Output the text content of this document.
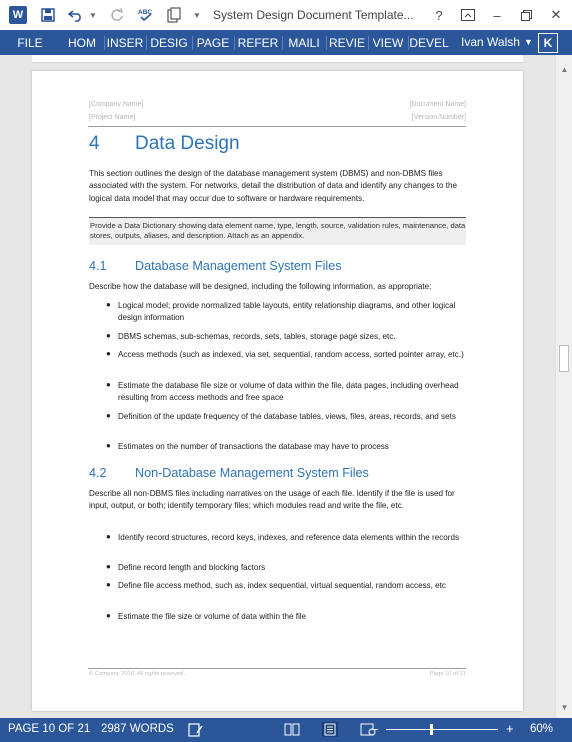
W	▼	ABC	▼ System Design Document Template...	?	–	✕
FILE	HOM INSER DESIG PAGE REFER MAILI REVIE VIEW DEVEL Ivan Walsh ▼ K
[Company Name]	[Document Name]
[Project Name]	[Version Number]
4 Data Design
This section outlines the design of the database management system (DBMS) and non-DBMS files associated with the system. For networks, detail the distribution of data and identify any changes to the logical data model that may occur due to software or hardware requirements.
Provide a Data Dictionary showing data element name, type, length, source, validation rules, maintenance, data stores, outputs, aliases, and description. Attach as an appendix.
4.1 Database Management System Files
Describe how the database will be designed, including the following information, as appropriate:
● Logical model; provide normalized table layouts, entity relationship diagrams, and other logical design information
● DBMS schemas, sub-schemas, records, sets, tables, storage page sizes, etc.
● Access methods (such as indexed, via set, sequential, random access, sorted pointer array, etc.)
● Estimate the database file size or volume of data within the file, data pages, including overhead resulting from access methods and free space
● Definition of the update frequency of the database tables, views, files, areas, records, and sets
● Estimates on the number of transactions the database may have to process
4.2 Non-Database Management System Files
Describe all non-DBMS files including narratives on the usage of each file. Identify if the file is used for input, output, or both; identify temporary files; which modules read and write the file, etc.
● Identify record structures, record keys, indexes, and reference data elements within the records
● Define record length and blocking factors
● Define file access method, such as, index sequential, virtual sequential, random access, etc
● Estimate the file size or volume of data within the file
© Company 2016. All rights reserved.	Page 10 of 21
▲
▼
PAGE 10 OF 21 2987 WORDS	−	+ 60%
